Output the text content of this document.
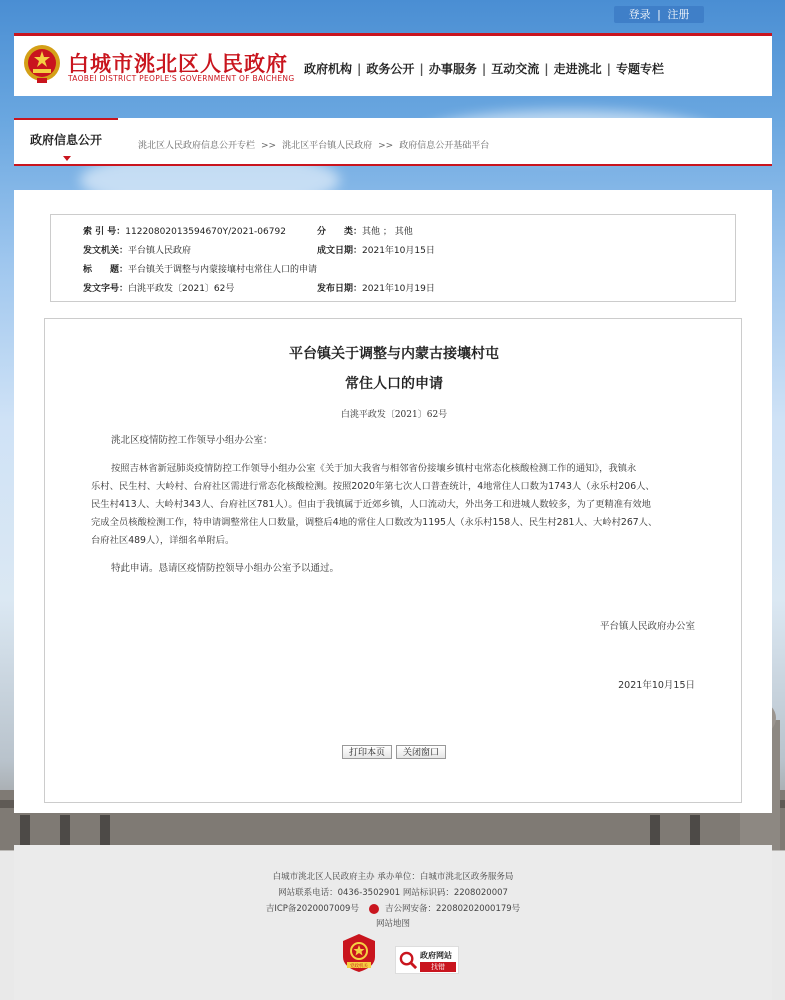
登录 | 注册
白城市洮北区人民政府
TAOBEI DISTRICT PEOPLE'S GOVERNMENT OF BAICHENG
政府机构 | 政务公开 | 办事服务 | 互动交流 | 走进洮北 | 专题专栏
政府信息公开	洮北区人民政府信息公开专栏 >> 洮北区平台镇人民政府 >> 政府信息公开基础平台
索 引 号：11220802013594670Y/2021-06792	分　　类：其他 ； 其他
发文机关：平台镇人民政府	成文日期：2021年10月15日
标　　题：平台镇关于调整与内蒙接壤村屯常住人口的申请
发文字号：白洮平政发〔2021〕62号	发布日期：2021年10月19日
平台镇关于调整与内蒙古接壤村屯
常住人口的申请
白洮平政发〔2021〕62号
洮北区疫情防控工作领导小组办公室：
按照吉林省新冠肺炎疫情防控工作领导小组办公室《关于加大我省与相邻省份接壤乡镇村屯常态化核酸检测工作的通知》，我镇永
乐村、民生村、大岭村、台府社区需进行常态化核酸检测。按照2020年第七次人口普查统计，4地常住人口数为1743人（永乐村206人、
民生村413人、大岭村343人、台府社区781人）。但由于我镇属于近郊乡镇，人口流动大，外出务工和进城人数较多，为了更精准有效地
完成全员核酸检测工作，特申请调整常住人口数量，调整后4地的常住人口数改为1195人（永乐村158人、民生村281人、大岭村267人、
台府社区489人），详细名单附后。
特此申请。恳请区疫情防控领导小组办公室予以通过。
平台镇人民政府办公室
2021年10月15日
打印本页	关闭窗口
白城市洮北区人民政府主办 承办单位：白城市洮北区政务服务局
网站联系电话：0436-3502901 网站标识码：2208020007
吉ICP备2020007009号	吉公网安备：22080202000179号
网站地图
党政机关
政府网站
找错
